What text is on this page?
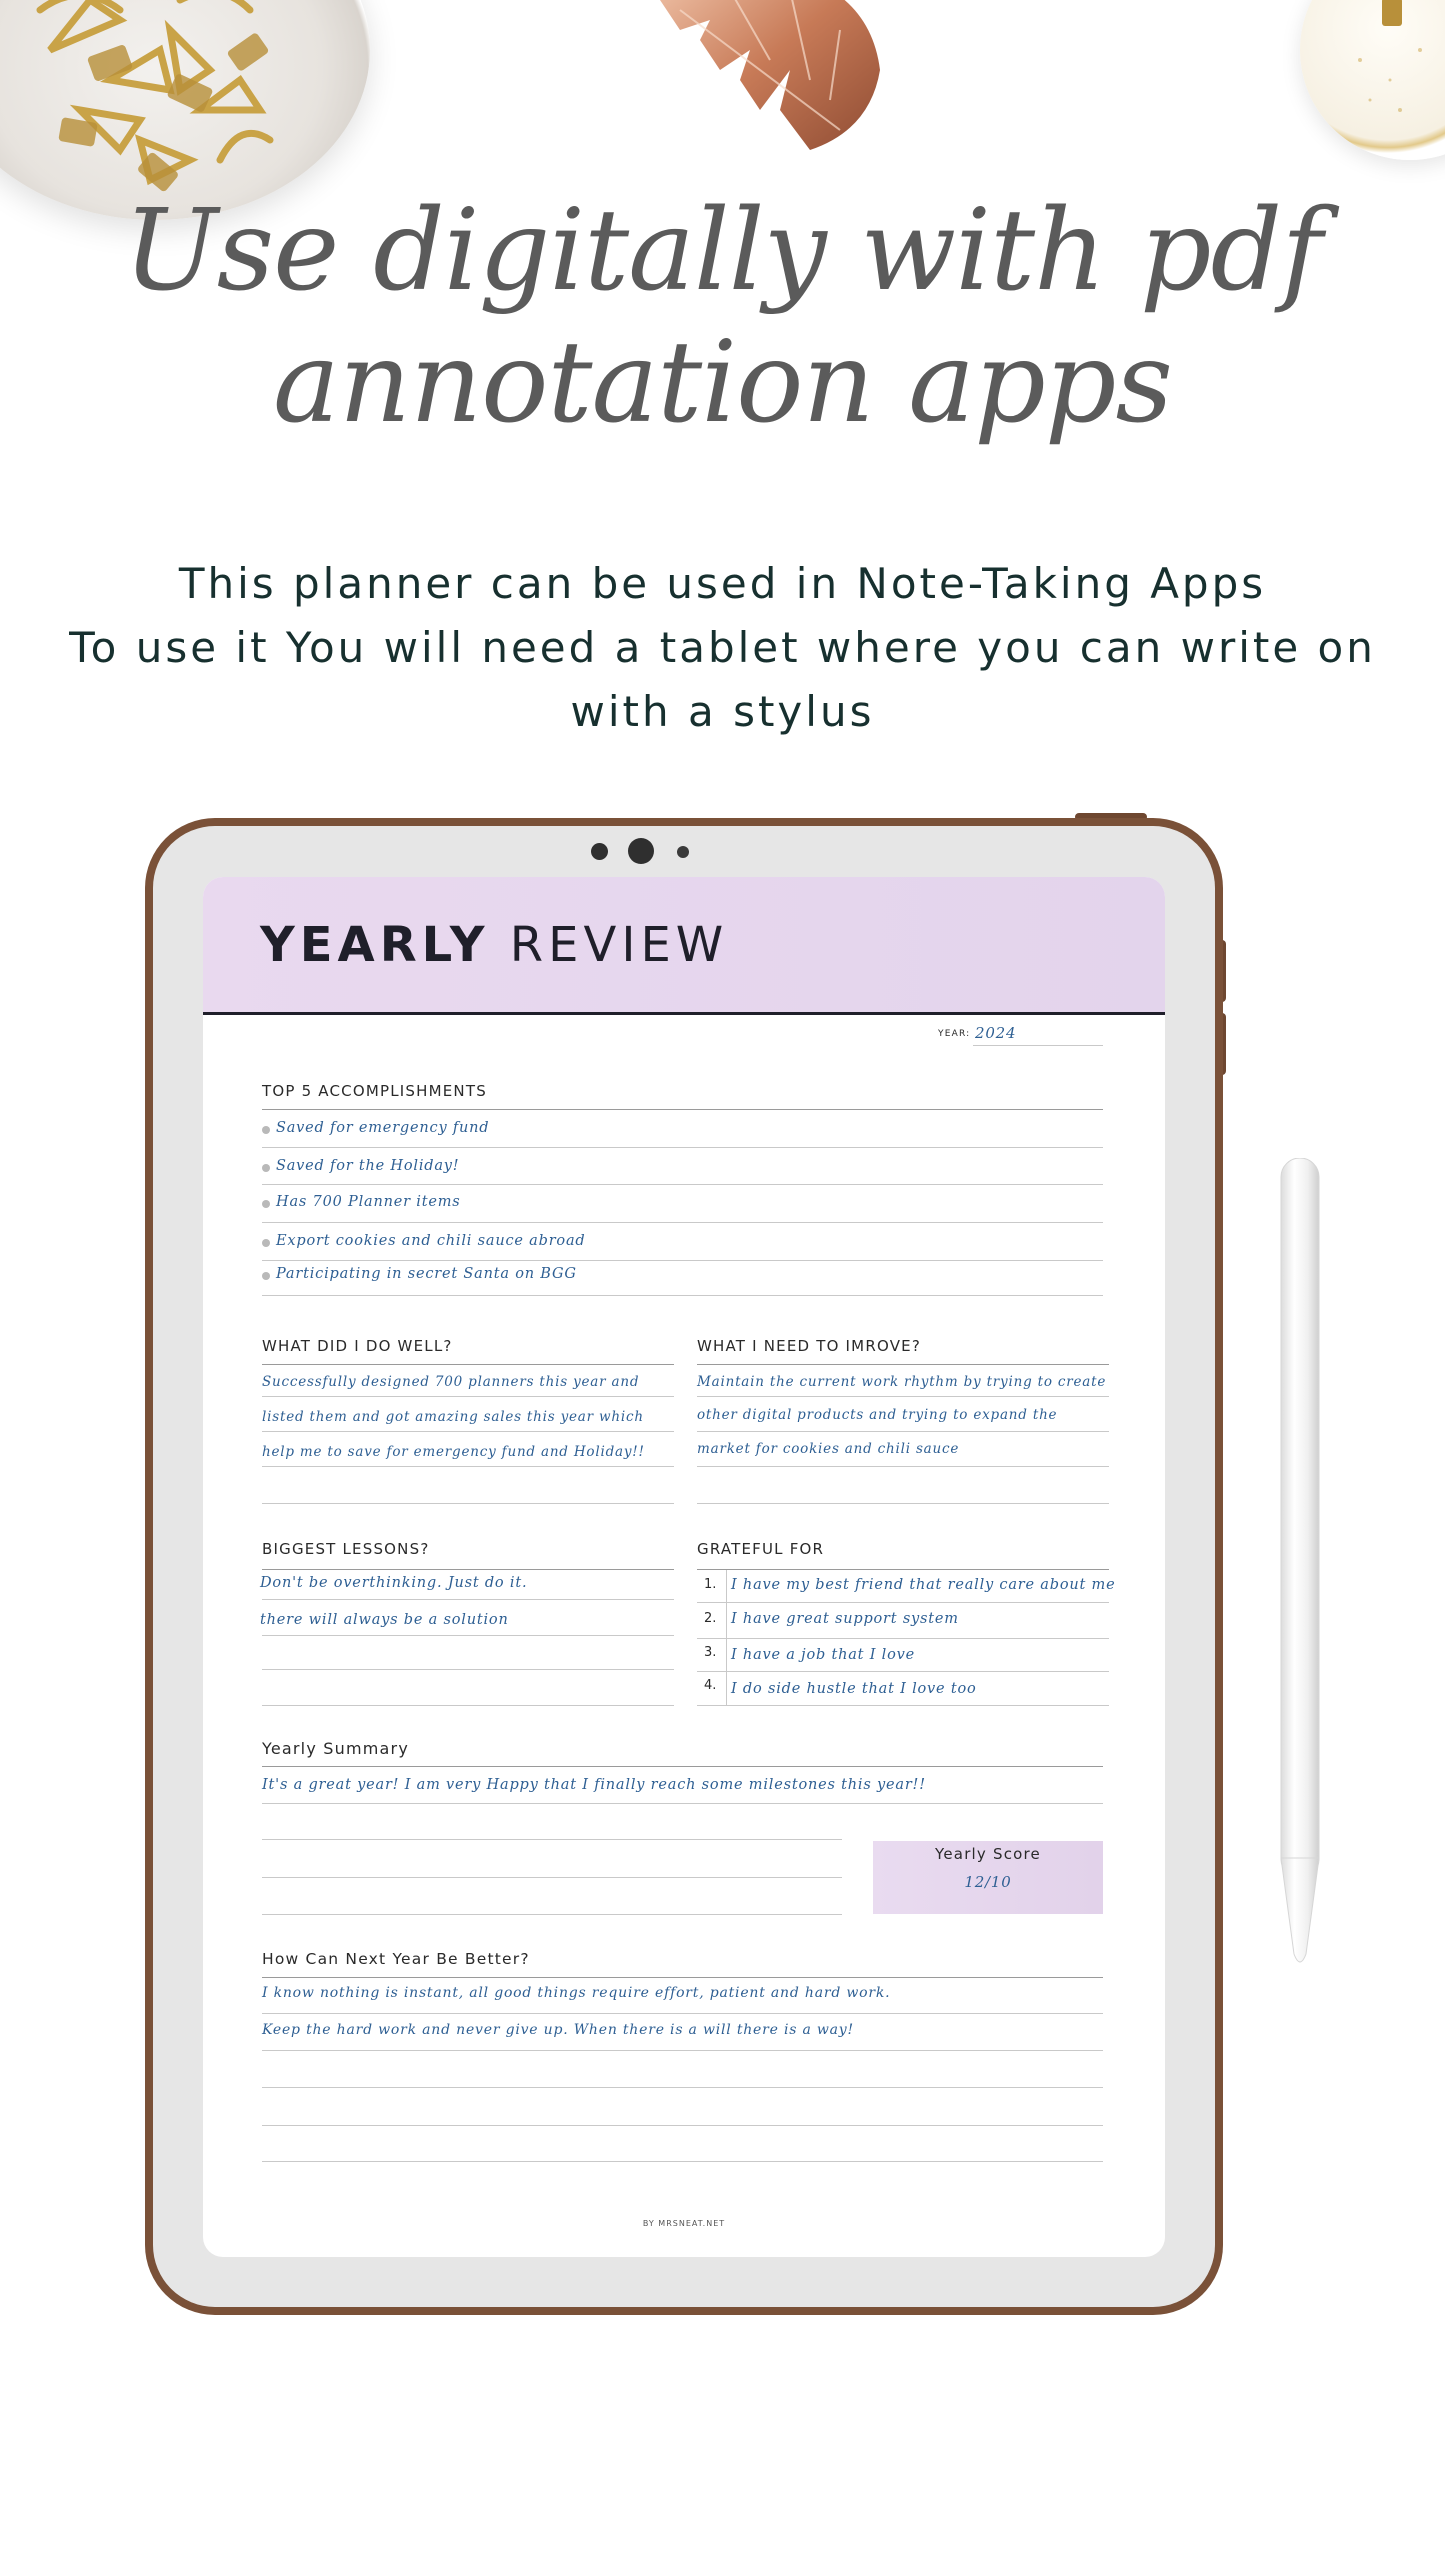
Use digitally with pdf
annotation apps
This planner can be used in Note-Taking Apps
To use it You will need a tablet where you can write on
with a stylus
YEARLY REVIEW
YEAR: 2024
TOP 5 ACCOMPLISHMENTS
Saved for emergency fund
Saved for the Holiday!
Has 700 Planner items
Export cookies and chili sauce abroad
Participating in secret Santa on BGG
WHAT DID I DO WELL?
Successfully designed 700 planners this year and
listed them and got amazing sales this year which
help me to save for emergency fund and Holiday!!
WHAT I NEED TO IMROVE?
Maintain the current work rhythm by trying to create
other digital products and trying to expand the
market for cookies and chili sauce
BIGGEST LESSONS?
Don't be overthinking. Just do it.
there will always be a solution
GRATEFUL FOR
1. I have my best friend that really care about me
2. I have great support system
3. I have a job that I love
4. I do side hustle that I love too
Yearly Summary
It's a great year! I am very Happy that I finally reach some milestones this year!!
Yearly Score
12/10
How Can Next Year Be Better?
I know nothing is instant, all good things require effort, patient and hard work.
Keep the hard work and never give up. When there is a will there is a way!
BY MRSNEAT.NET
